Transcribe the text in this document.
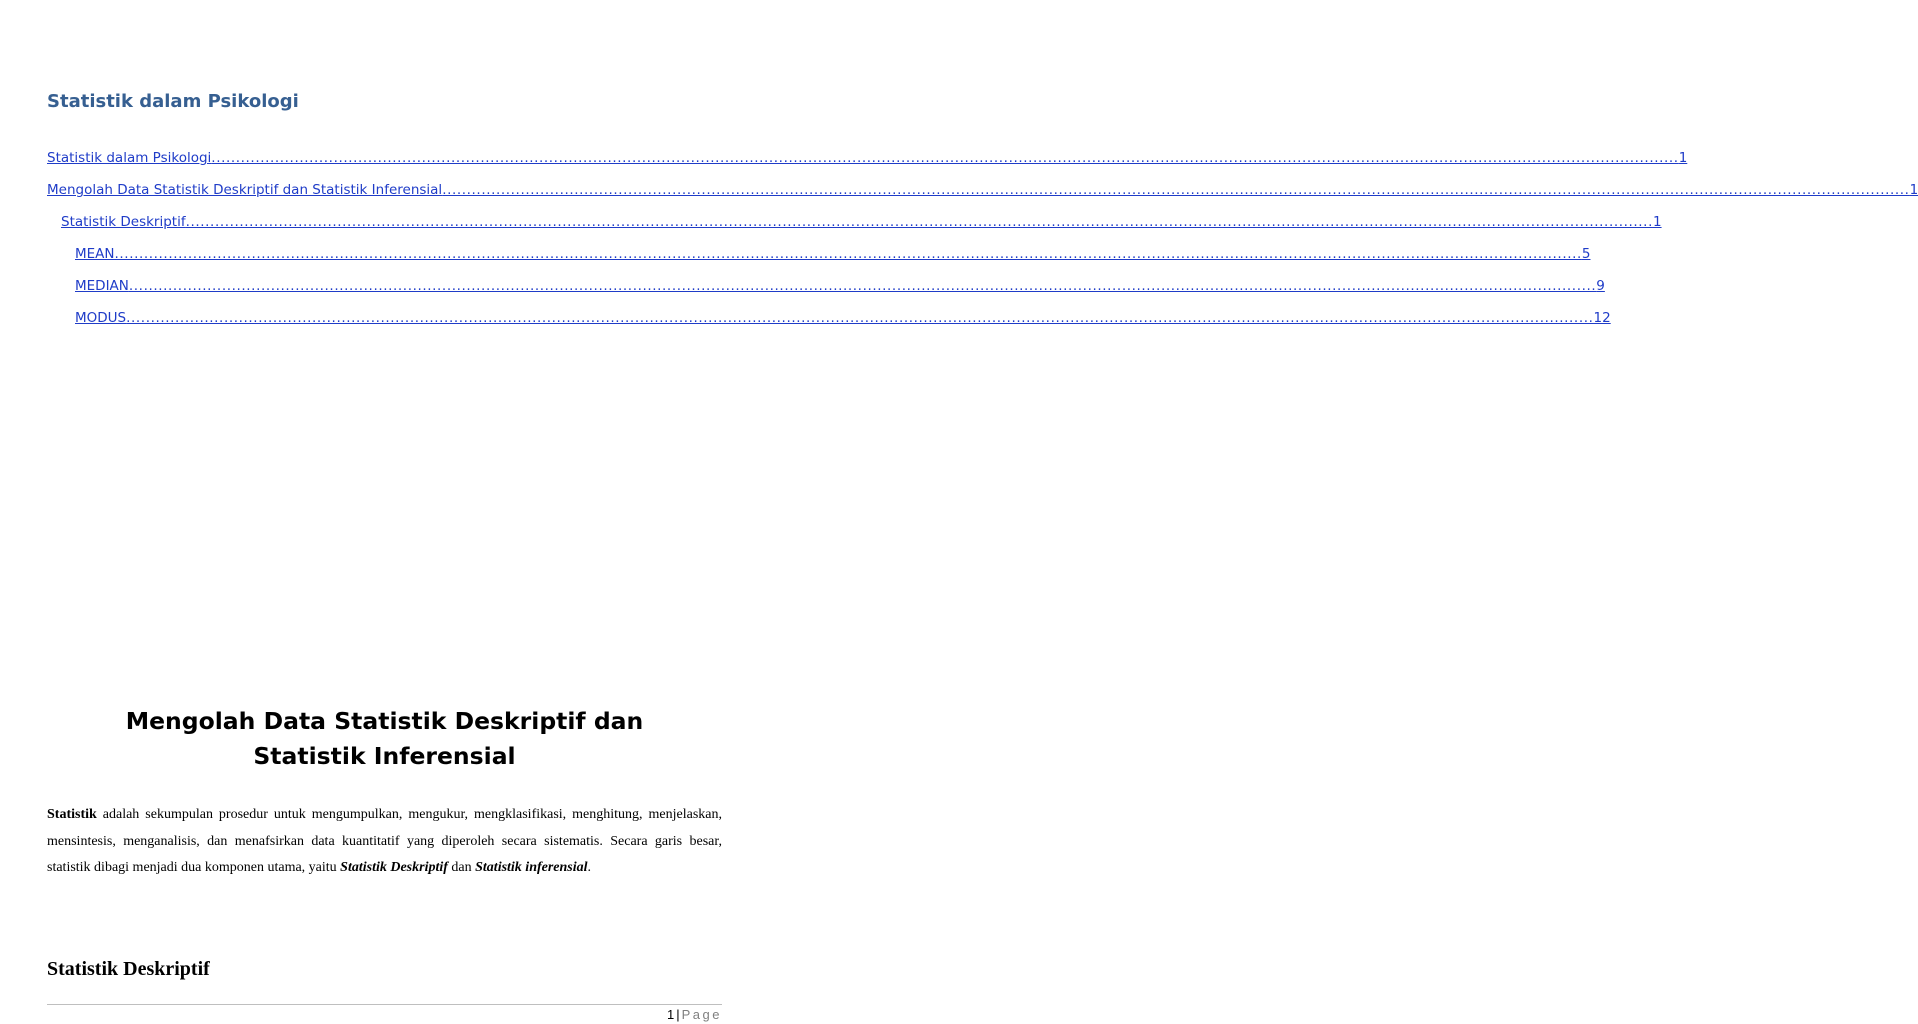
Statistik dalam Psikologi
Statistik dalam Psikologi ............................................................................................................................................................................................................................................................................................................ 1
Mengolah Data Statistik Deskriptif dan Statistik Inferensial ............................................................................................................................................................................................................................................................................................................ 1
Statistik Deskriptif ............................................................................................................................................................................................................................................................................................................ 1
MEAN ............................................................................................................................................................................................................................................................................................................ 5
MEDIAN ............................................................................................................................................................................................................................................................................................................ 9
MODUS ............................................................................................................................................................................................................................................................................................................ 12
Mengolah Data Statistik Deskriptif dan
Statistik Inferensial

Statistik adalah sekumpulan prosedur untuk mengumpulkan, mengukur, mengklasifikasi, menghitung, menjelaskan, mensintesis, menganalisis, dan menafsirkan data kuantitatif yang diperoleh secara sistematis. Secara garis besar, statistik dibagi menjadi dua komponen utama, yaitu Statistik Deskriptif dan Statistik inferensial.

Statistik Deskriptif
1 | Page
